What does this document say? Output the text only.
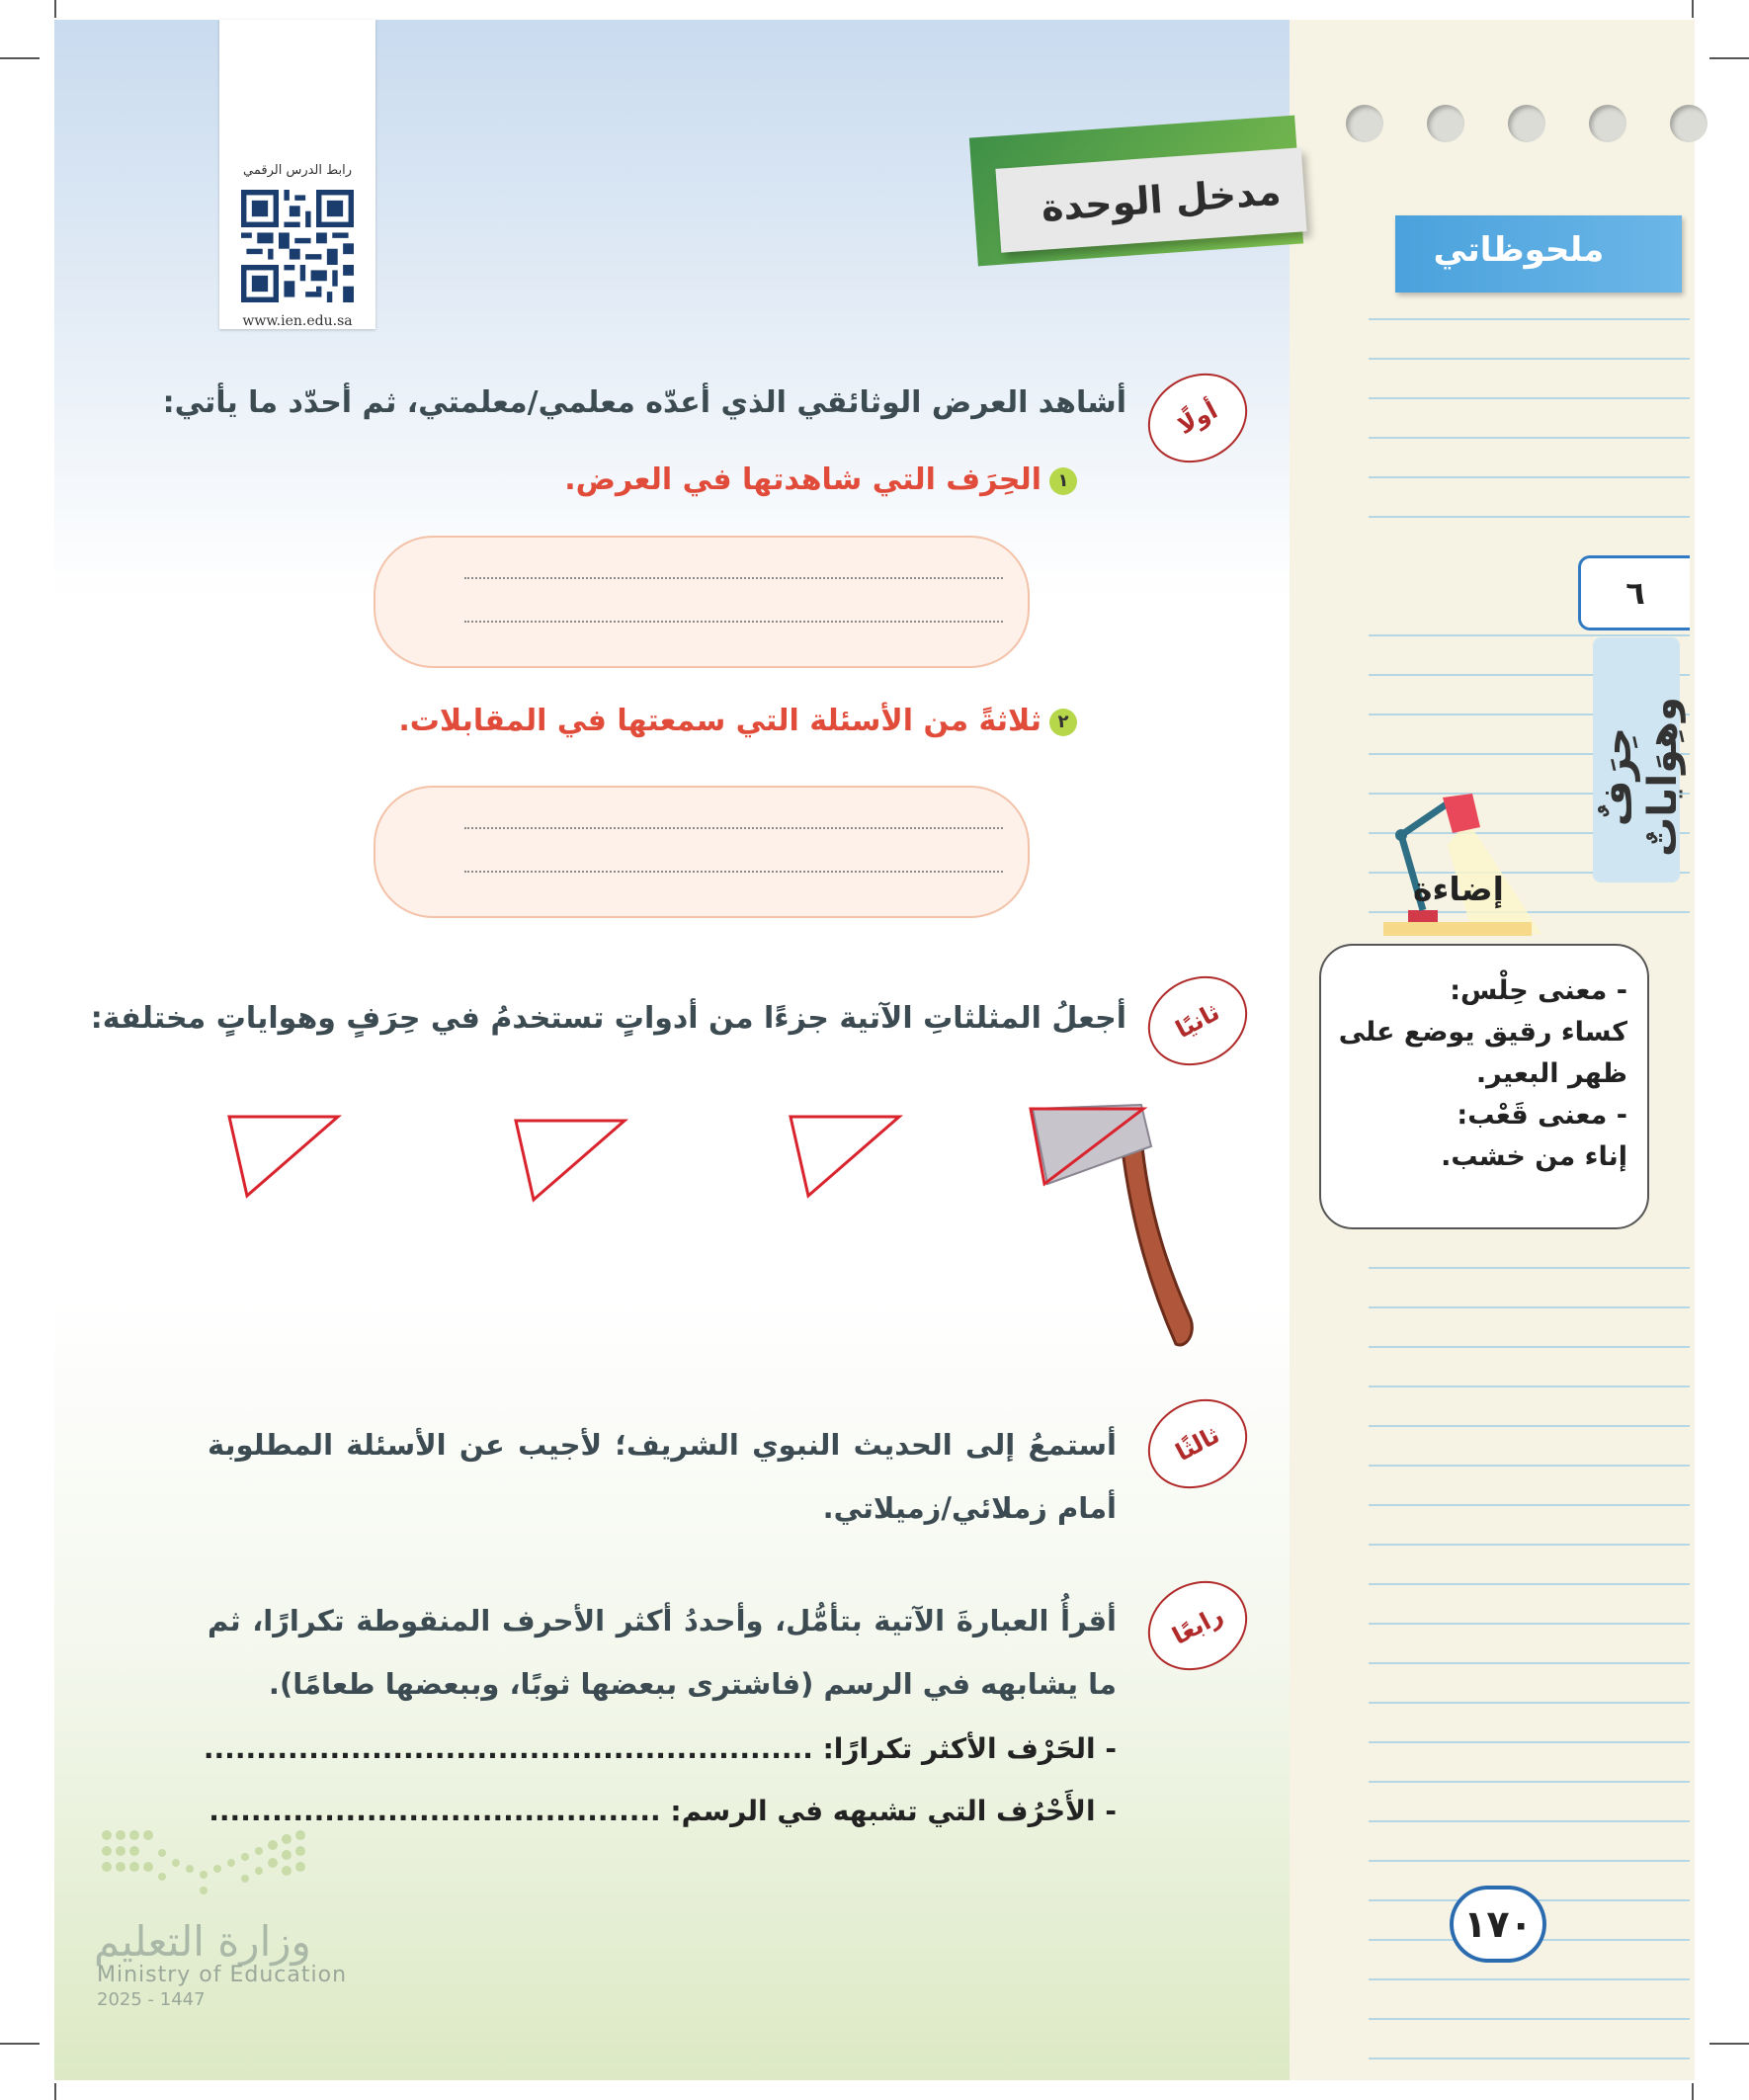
رابط الدرس الرقمي
www.ien.edu.sa
مدخل الوحدة
ملحوظاتي
٦
حِرَفٌ وهِوَاياتٌ
إضاءة
- معنى حِلْس:
كساء رقيق يوضع على
ظهر البعير.
- معنى قَعْب:
إناء من خشب.
أولًا
أشاهد العرض الوثائقي الذي أعدّه معلمي/معلمتي، ثم أحدّد ما يأتي:
١الحِرَف التي شاهدتها في العرض.
٢ثلاثةً من الأسئلة التي سمعتها في المقابلات.
ثانيًا
أجعلُ المثلثاتِ الآتية جزءًا من أدواتٍ تستخدمُ في حِرَفٍ وهواياتٍ مختلفة:
ثالثًا
أستمعُ إلى الحديث النبوي الشريف؛ لأجيب عن الأسئلة المطلوبة أمام زملائي/زميلاتي.
رابعًا
أقرأُ العبارةَ الآتية بتأمُّل، وأحددُ أكثر الأحرف المنقوطة تكرارًا، ثم ما يشابهه في الرسم (فاشترى ببعضها ثوبًا، وببعضها طعامًا).
- الحَرْف الأكثر تكرارًا: ..........................................................
- الأَحْرُف التي تشبهه في الرسم: ...........................................
وزارة التعليم
Ministry of Education
2025 - 1447
١٧٠
